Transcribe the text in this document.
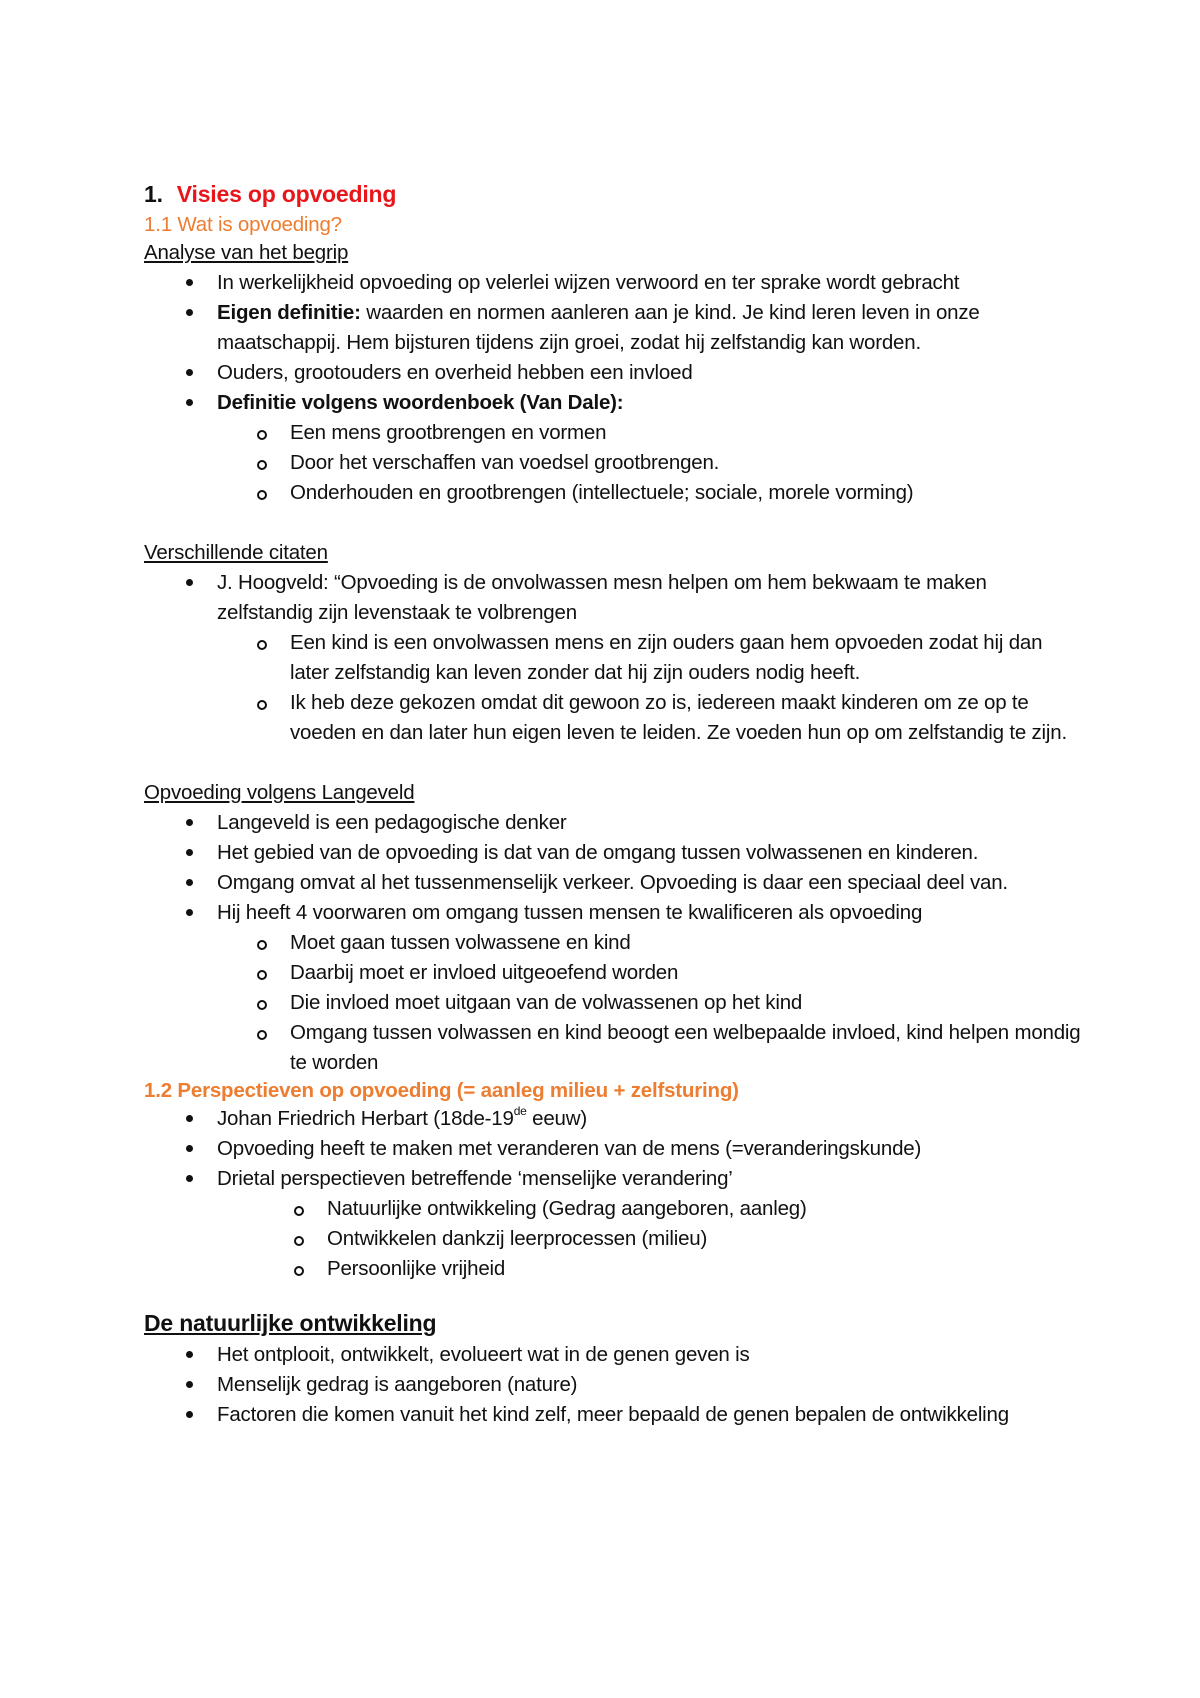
1. Visies op opvoeding

1.1 Wat is opvoeding?

Analyse van het begrip

In werkelijkheid opvoeding op velerlei wijzen verwoord en ter sprake wordt gebracht
Eigen definitie: waarden en normen aanleren aan je kind. Je kind leren leven in onze maatschappij. Hem bijsturen tijdens zijn groei, zodat hij zelfstandig kan worden.
Ouders, grootouders en overheid hebben een invloed
Definitie volgens woordenboek (Van Dale):
Een mens grootbrengen en vormen
Door het verschaffen van voedsel grootbrengen.
Onderhouden en grootbrengen (intellectuele; sociale, morele vorming)

Verschillende citaten

J. Hoogveld: “Opvoeding is de onvolwassen mesn helpen om hem bekwaam te maken zelfstandig zijn levenstaak te volbrengen
Een kind is een onvolwassen mens en zijn ouders gaan hem opvoeden zodat hij dan later zelfstandig kan leven zonder dat hij zijn ouders nodig heeft.
Ik heb deze gekozen omdat dit gewoon zo is, iedereen maakt kinderen om ze op te voeden en dan later hun eigen leven te leiden. Ze voeden hun op om zelfstandig te zijn.

Opvoeding volgens Langeveld

Langeveld is een pedagogische denker
Het gebied van de opvoeding is dat van de omgang tussen volwassenen en kinderen.
Omgang omvat al het tussenmenselijk verkeer. Opvoeding is daar een speciaal deel van.
Hij heeft 4 voorwaren om omgang tussen mensen te kwalificeren als opvoeding
Moet gaan tussen volwassene en kind
Daarbij moet er invloed uitgeoefend worden
Die invloed moet uitgaan van de volwassenen op het kind
Omgang tussen volwassen en kind beoogt een welbepaalde invloed, kind helpen mondig te worden

1.2 Perspectieven op opvoeding (= aanleg milieu + zelfsturing)

Johan Friedrich Herbart (18de-19de eeuw)
Opvoeding heeft te maken met veranderen van de mens (=veranderingskunde)
Drietal perspectieven betreffende ‘menselijke verandering’
Natuurlijke ontwikkeling (Gedrag aangeboren, aanleg)
Ontwikkelen dankzij leerprocessen (milieu)
Persoonlijke vrijheid

De natuurlijke ontwikkeling

Het ontplooit, ontwikkelt, evolueert wat in de genen geven is
Menselijk gedrag is aangeboren (nature)
Factoren die komen vanuit het kind zelf, meer bepaald de genen bepalen de ontwikkeling
